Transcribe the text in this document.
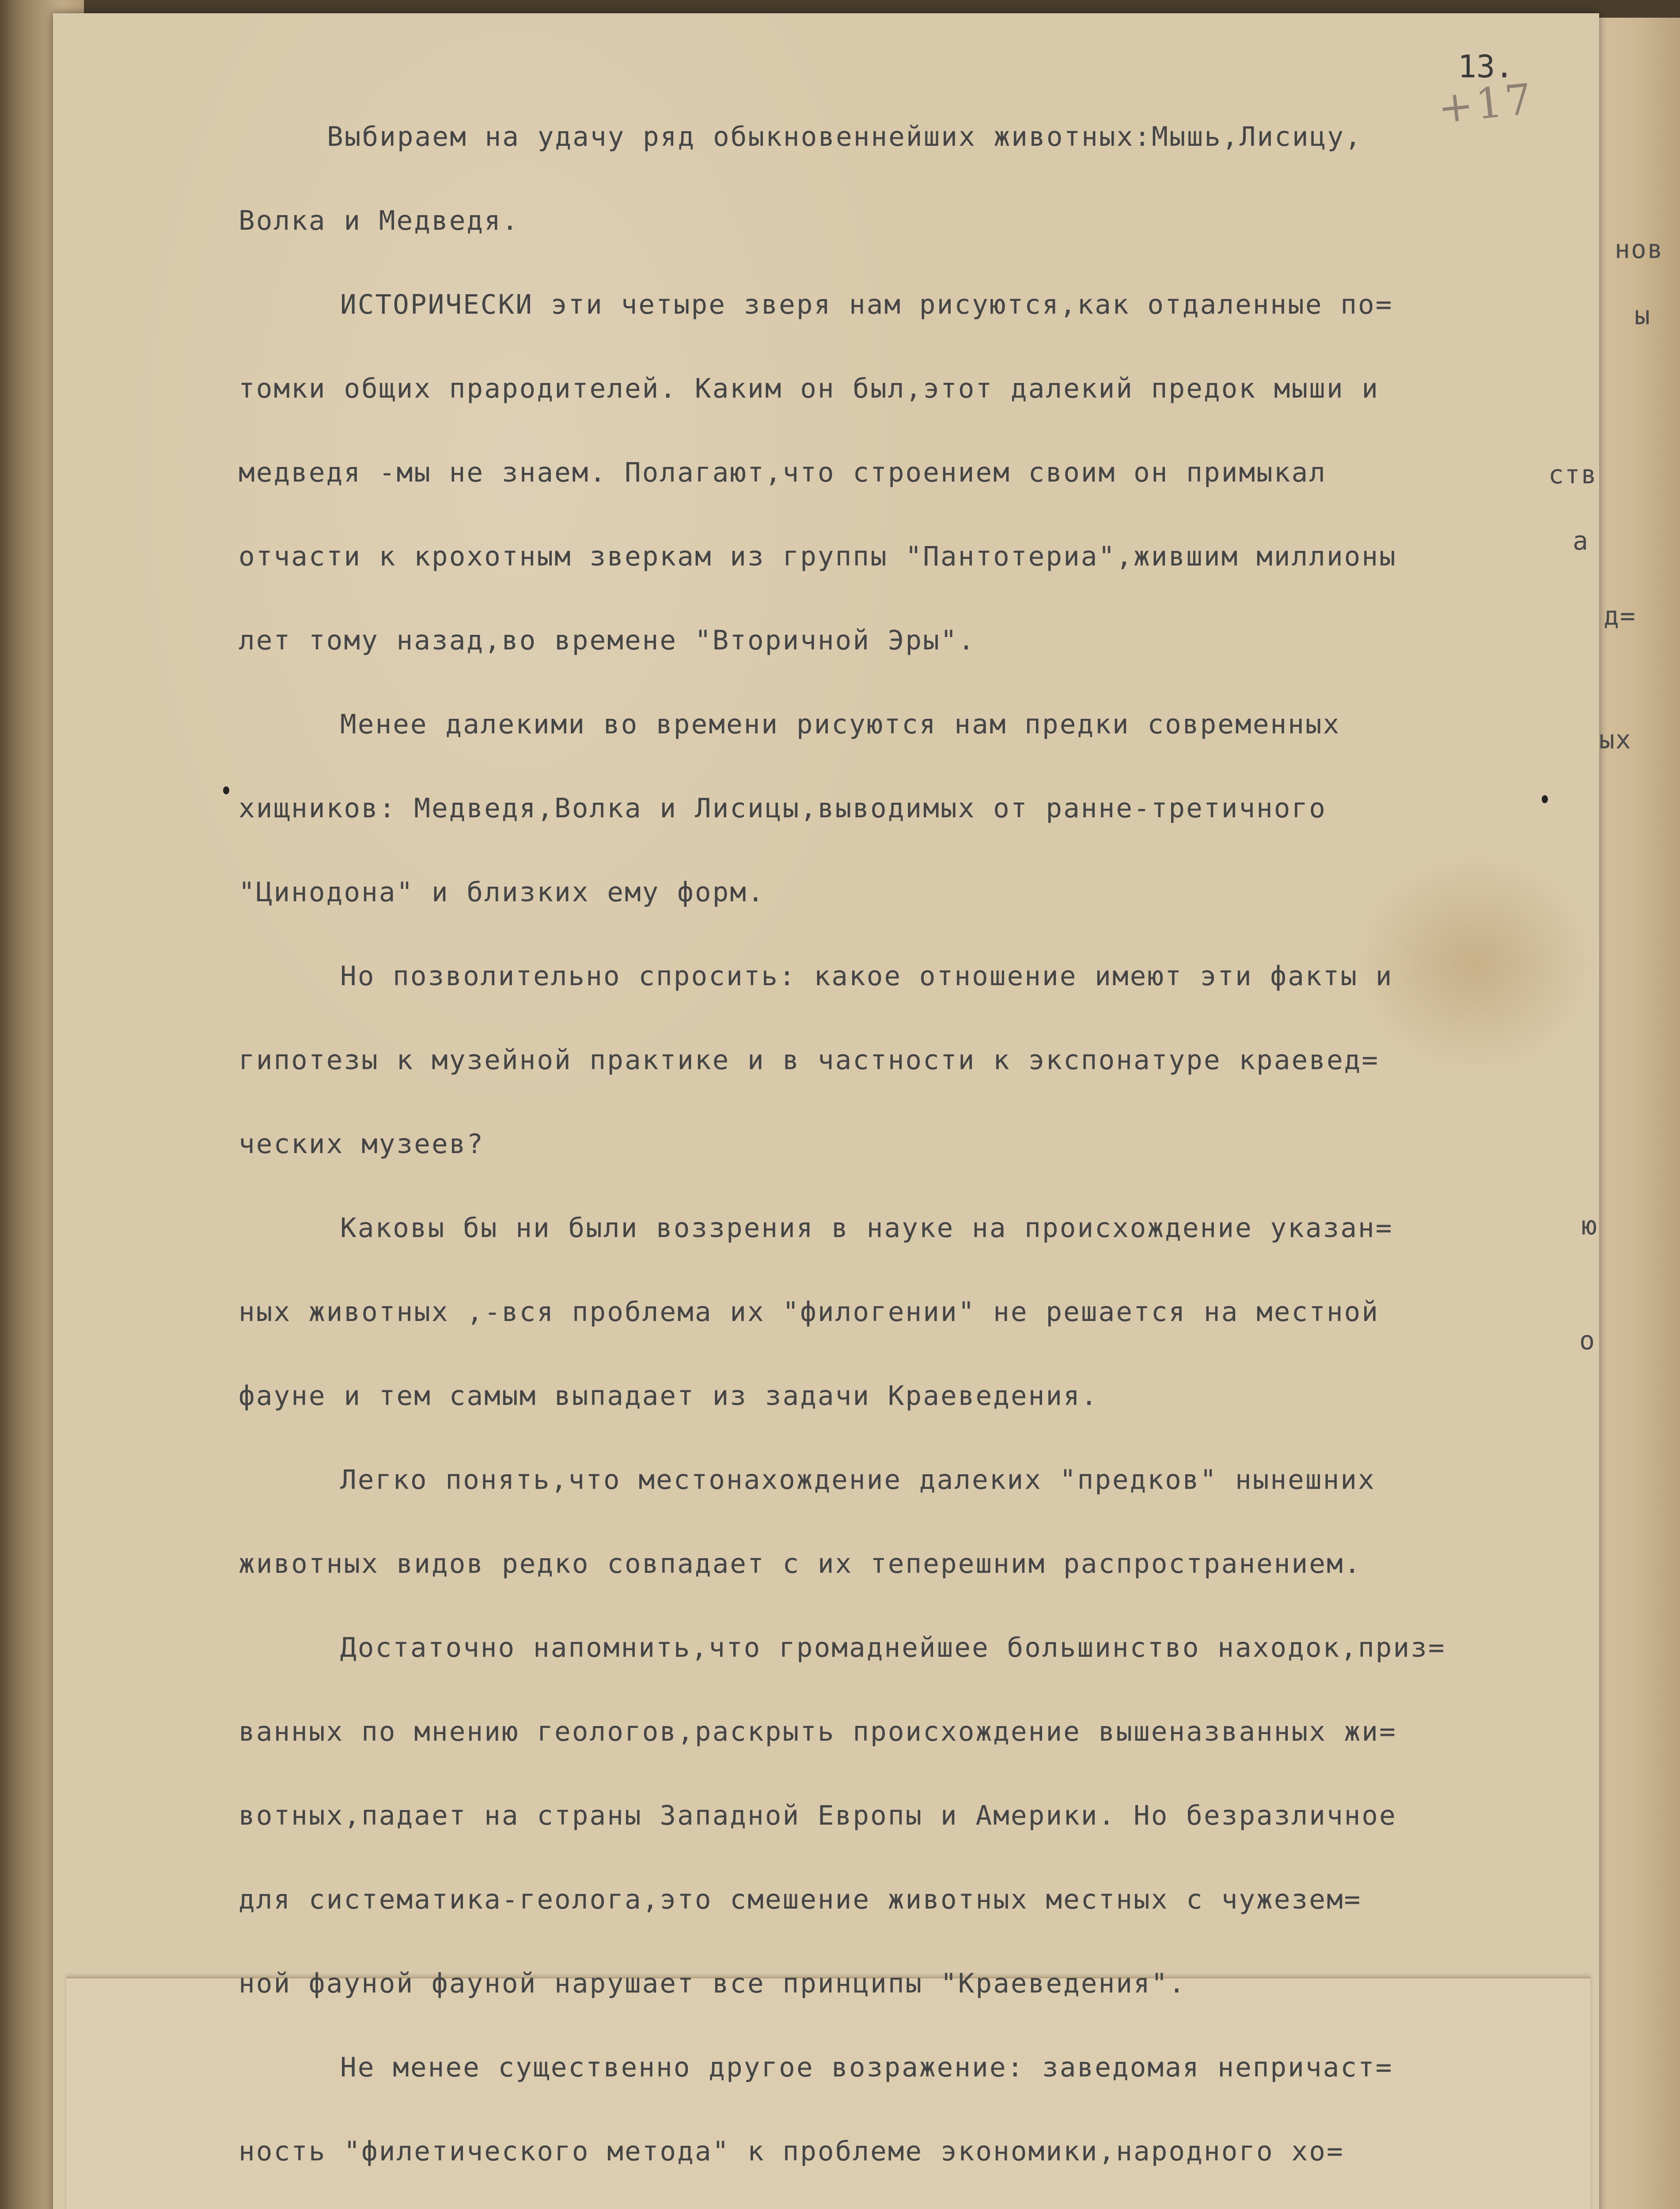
13.
+17
нов
ы
ств
а
д=
ых
ю
о
Выбираем на удачу ряд обыкновеннейших животных:Мышь,Лисицу,
Волка и Медведя.
ИСТОРИЧЕСКИ эти четыре зверя нам рисуются,как отдаленные по=
томки общих прародителей. Каким он был,этот далекий предок мыши и
медведя -мы не знаем. Полагают,что строением своим он примыкал
отчасти к крохотным зверкам из группы "Пантотериа",жившим миллионы
лет тому назад,во времене "Вторичной Эры".
Менее далекими во времени рисуются нам предки современных
хищников: Медведя,Волка и Лисицы,выводимых от ранне-третичного
"Цинодона" и близких ему форм.
Но позволительно спросить: какое отношение имеют эти факты и
гипотезы к музейной практике и в частности к экспонатуре краевед=
ческих музеев?
Каковы бы ни были воззрения в науке на происхождение указан=
ных животных ,-вся проблема их "филогении" не решается на местной
фауне и тем самым выпадает из задачи Краеведения.
Легко понять,что местонахождение далеких "предков" нынешних
животных видов редко совпадает с их теперешним распространением.
Достаточно напомнить,что громаднейшее большинство находок,приз=
ванных по мнению геологов,раскрыть происхождение вышеназванных жи=
вотных,падает на страны Западной Европы и Америки. Но безразличное
для систематика-геолога,это смешение животных местных с чужезем=
ной фауной фауной нарушает все принципы "Краеведения".
Не менее существенно другое возражение: заведомая непричаст=
ность "филетического метода" к проблеме экономики,народного хо=
